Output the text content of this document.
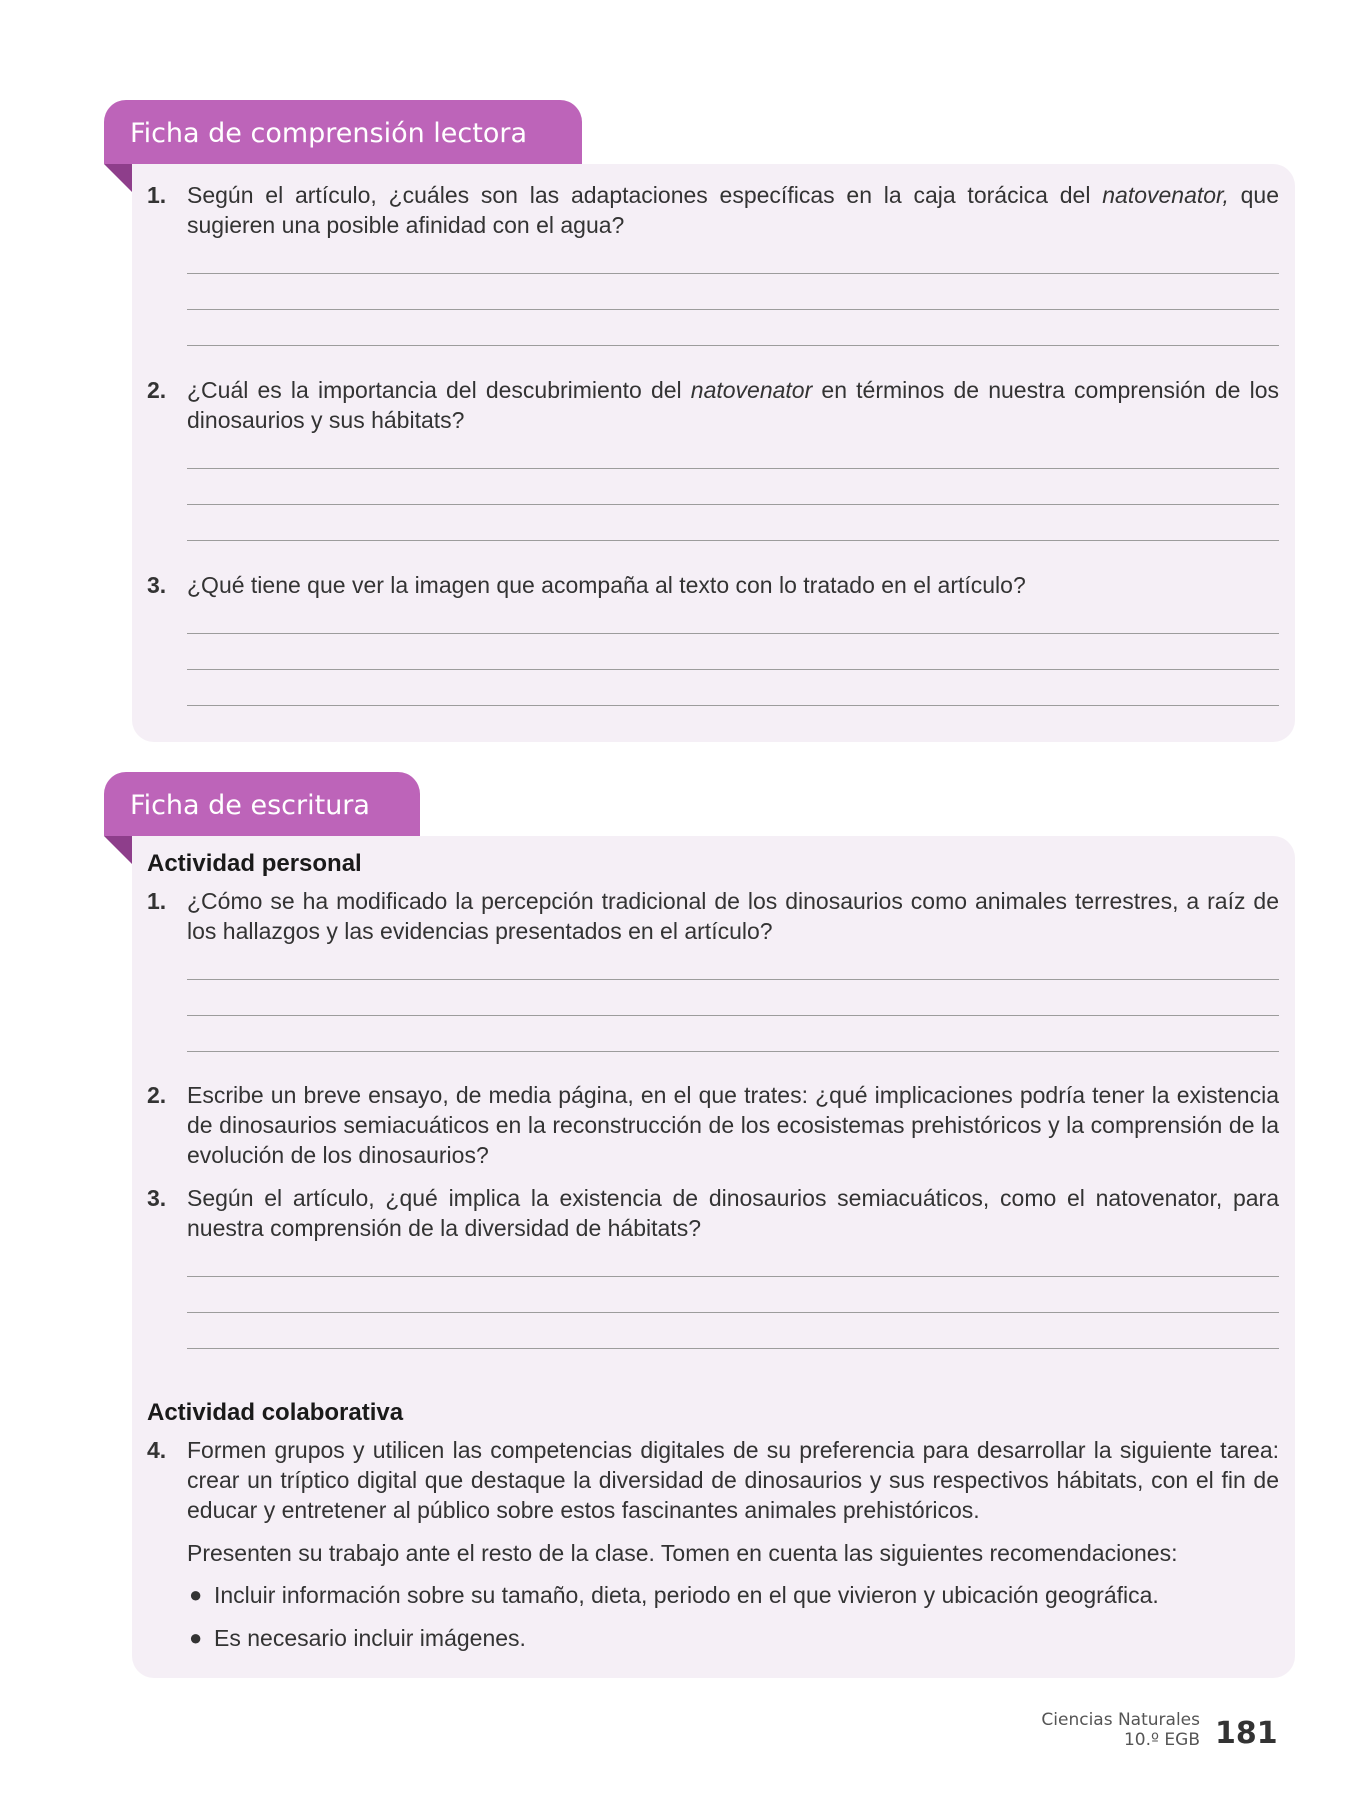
Ficha de comprensión lectora
1. Según el artículo, ¿cuáles son las adaptaciones específicas en la caja torácica del natovenator, que sugieren una posible afinidad con el agua?
2. ¿Cuál es la importancia del descubrimiento del natovenator en términos de nuestra comprensión de los dinosaurios y sus hábitats?
3. ¿Qué tiene que ver la imagen que acompaña al texto con lo tratado en el artículo?
Ficha de escritura
Actividad personal
1. ¿Cómo se ha modificado la percepción tradicional de los dinosaurios como animales terrestres, a raíz de los hallazgos y las evidencias presentados en el artículo?
2. Escribe un breve ensayo, de media página, en el que trates: ¿qué implicaciones podría tener la existencia de dinosaurios semiacuáticos en la reconstrucción de los ecosistemas prehistóricos y la comprensión de la evolución de los dinosaurios?
3. Según el artículo, ¿qué implica la existencia de dinosaurios semiacuáticos, como el natovenator, para nuestra comprensión de la diversidad de hábitats?
Actividad colaborativa
4. Formen grupos y utilicen las competencias digitales de su preferencia para desarrollar la siguiente tarea: crear un tríptico digital que destaque la diversidad de dinosaurios y sus respectivos hábitats, con el fin de educar y entretener al público sobre estos fascinantes animales prehistóricos.
Presenten su trabajo ante el resto de la clase. Tomen en cuenta las siguientes recomendaciones:
● Incluir información sobre su tamaño, dieta, periodo en el que vivieron y ubicación geográfica.
● Es necesario incluir imágenes.
Ciencias Naturales
10.º EGB 181
